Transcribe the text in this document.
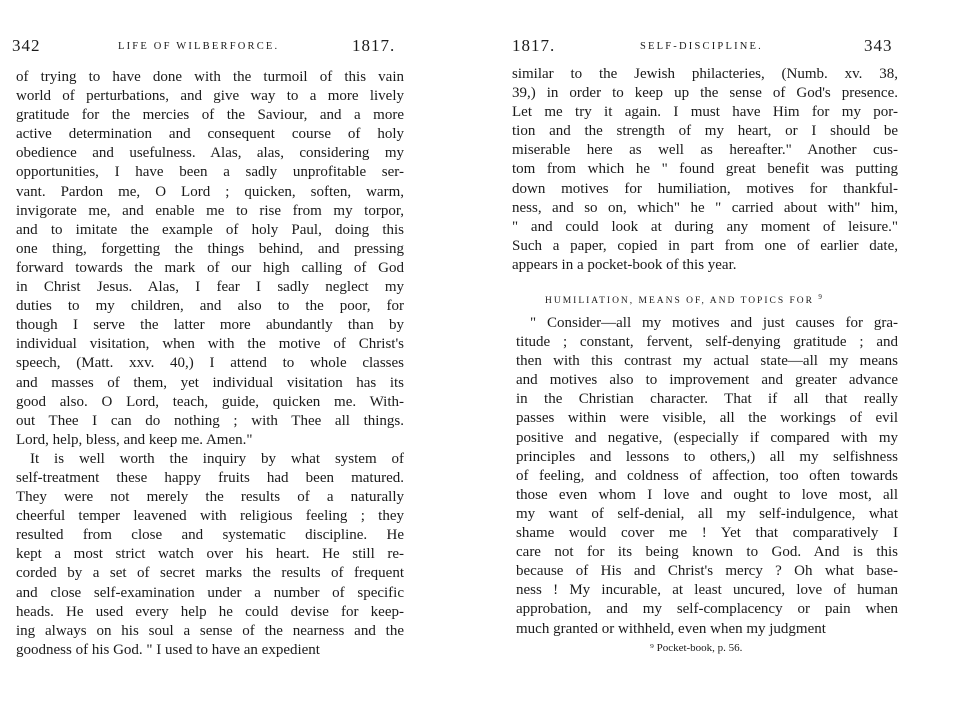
342	LIFE OF WILBERFORCE.	1817.
of trying to have done with the turmoil of this vain
world of perturbations, and give way to a more lively
gratitude for the mercies of the Saviour, and a more
active determination and consequent course of holy
obedience and usefulness. Alas, alas, considering my
opportunities, I have been a sadly unprofitable ser-
vant. Pardon me, O Lord ; quicken, soften, warm,
invigorate me, and enable me to rise from my torpor,
and to imitate the example of holy Paul, doing this
one thing, forgetting the things behind, and pressing
forward towards the mark of our high calling of God
in Christ Jesus. Alas, I fear I sadly neglect my
duties to my children, and also to the poor, for
though I serve the latter more abundantly than by
individual visitation, when with the motive of Christ's
speech, (Matt. xxv. 40,) I attend to whole classes
and masses of them, yet individual visitation has its
good also. O Lord, teach, guide, quicken me. With-
out Thee I can do nothing ; with Thee all things.
Lord, help, bless, and keep me. Amen."
It is well worth the inquiry by what system of
self-treatment these happy fruits had been matured.
They were not merely the results of a naturally
cheerful temper leavened with religious feeling ; they
resulted from close and systematic discipline. He
kept a most strict watch over his heart. He still re-
corded by a set of secret marks the results of frequent
and close self-examination under a number of specific
heads. He used every help he could devise for keep-
ing always on his soul a sense of the nearness and the
goodness of his God. " I used to have an expedient
1817.	SELF-DISCIPLINE.	343
similar to the Jewish philacteries, (Numb. xv. 38,
39,) in order to keep up the sense of God's presence.
Let me try it again. I must have Him for my por-
tion and the strength of my heart, or I should be
miserable here as well as hereafter." Another cus-
tom from which he " found great benefit was putting
down motives for humiliation, motives for thankful-
ness, and so on, which" he " carried about with" him,
" and could look at during any moment of leisure."
Such a paper, copied in part from one of earlier date,
appears in a pocket-book of this year.
HUMILIATION, MEANS OF, AND TOPICS FOR $^9$
" Consider—all my motives and just causes for gra-
titude ; constant, fervent, self-denying gratitude ; and
then with this contrast my actual state—all my means
and motives also to improvement and greater advance
in the Christian character. That if all that really
passes within were visible, all the workings of evil
positive and negative, (especially if compared with my
principles and lessons to others,) all my selfishness
of feeling, and coldness of affection, too often towards
those even whom I love and ought to love most, all
my want of self-denial, all my self-indulgence, what
shame would cover me ! Yet that comparatively I
care not for its being known to God. And is this
because of His and Christ's mercy ? Oh what base-
ness ! My incurable, at least uncured, love of human
approbation, and my self-complacency or pain when
much granted or withheld, even when my judgment
⁹ Pocket-book, p. 56.
